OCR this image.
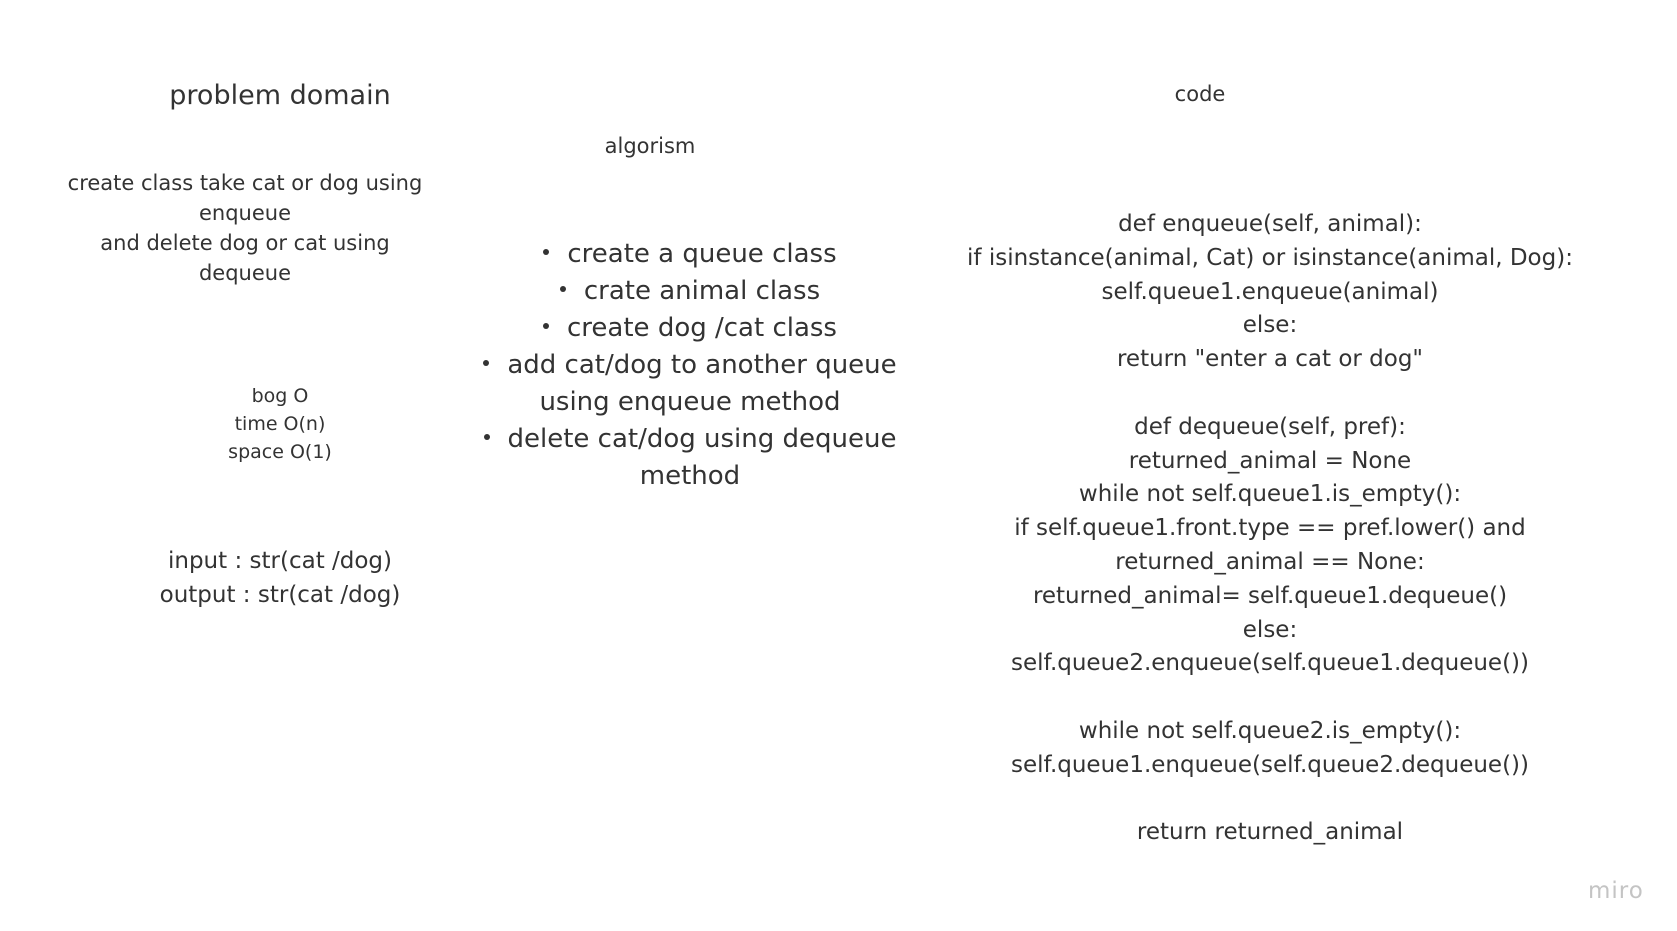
problem domain
create class take cat or dog using
enqueue
and delete dog or cat using
dequeue
bog O
time O(n)
space O(1)
input : str(cat /dog)
output : str(cat /dog)
algorism
create a queue class
crate animal class
create dog /cat class
add cat/dog to another queue
using enqueue method
delete cat/dog using dequeue
method
code
def enqueue(self, animal):
if isinstance(animal, Cat) or isinstance(animal, Dog):
self.queue1.enqueue(animal)
else:
return "enter a cat or dog"
def dequeue(self, pref):
returned_animal = None
while not self.queue1.is_empty():
if self.queue1.front.type == pref.lower() and
returned_animal == None:
returned_animal= self.queue1.dequeue()
else:
self.queue2.enqueue(self.queue1.dequeue())
while not self.queue2.is_empty():
self.queue1.enqueue(self.queue2.dequeue())
return returned_animal
miro
